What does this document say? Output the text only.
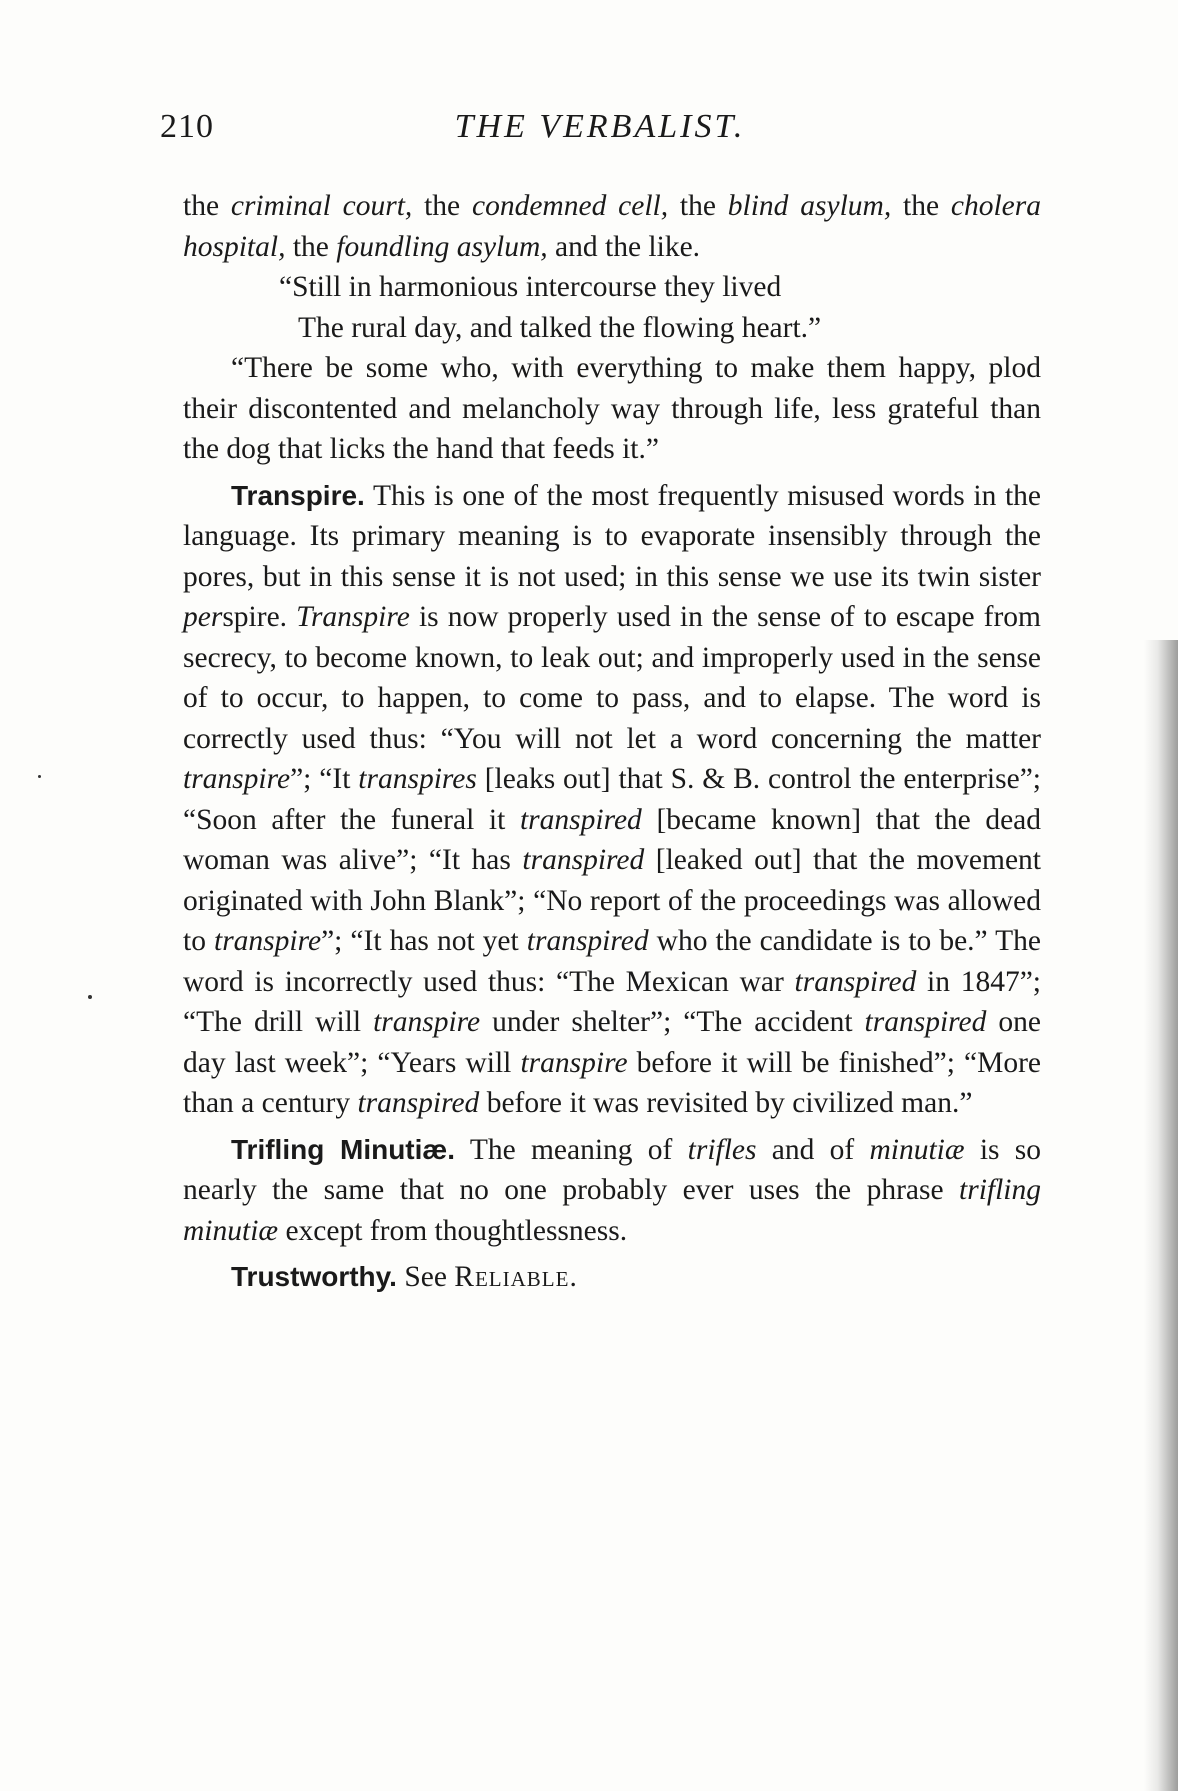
210	THE VERBALIST.

the criminal court, the condemned cell, the blind asylum, the cholera hospital, the foundling asylum, and the like.

“Still in harmonious intercourse they lived
The rural day, and talked the flowing heart.”

“There be some who, with everything to make them happy, plod their discontented and melancholy way through life, less grateful than the dog that licks the hand that feeds it.”

Transpire. This is one of the most frequently misused words in the language. Its primary meaning is to evaporate insensibly through the pores, but in this sense it is not used; in this sense we use its twin sister perspire. Transpire is now properly used in the sense of to escape from secrecy, to become known, to leak out; and improperly used in the sense of to occur, to happen, to come to pass, and to elapse. The word is correctly used thus: “You will not let a word concerning the matter transpire”; “It transpires [leaks out] that S. & B. control the enterprise”; “Soon after the funeral it transpired [became known] that the dead woman was alive”; “It has transpired [leaked out] that the movement originated with John Blank”; “No report of the proceedings was allowed to transpire”; “It has not yet transpired who the candidate is to be.” The word is incorrectly used thus: “The Mexican war transpired in 1847”; “The drill will transpire under shelter”; “The accident transpired one day last week”; “Years will transpire before it will be finished”; “More than a century transpired before it was revisited by civilized man.”

Trifling Minutiæ. The meaning of trifles and of minutiæ is so nearly the same that no one probably ever uses the phrase trifling minutiæ except from thoughtlessness.

Trustworthy. See Reliable.
